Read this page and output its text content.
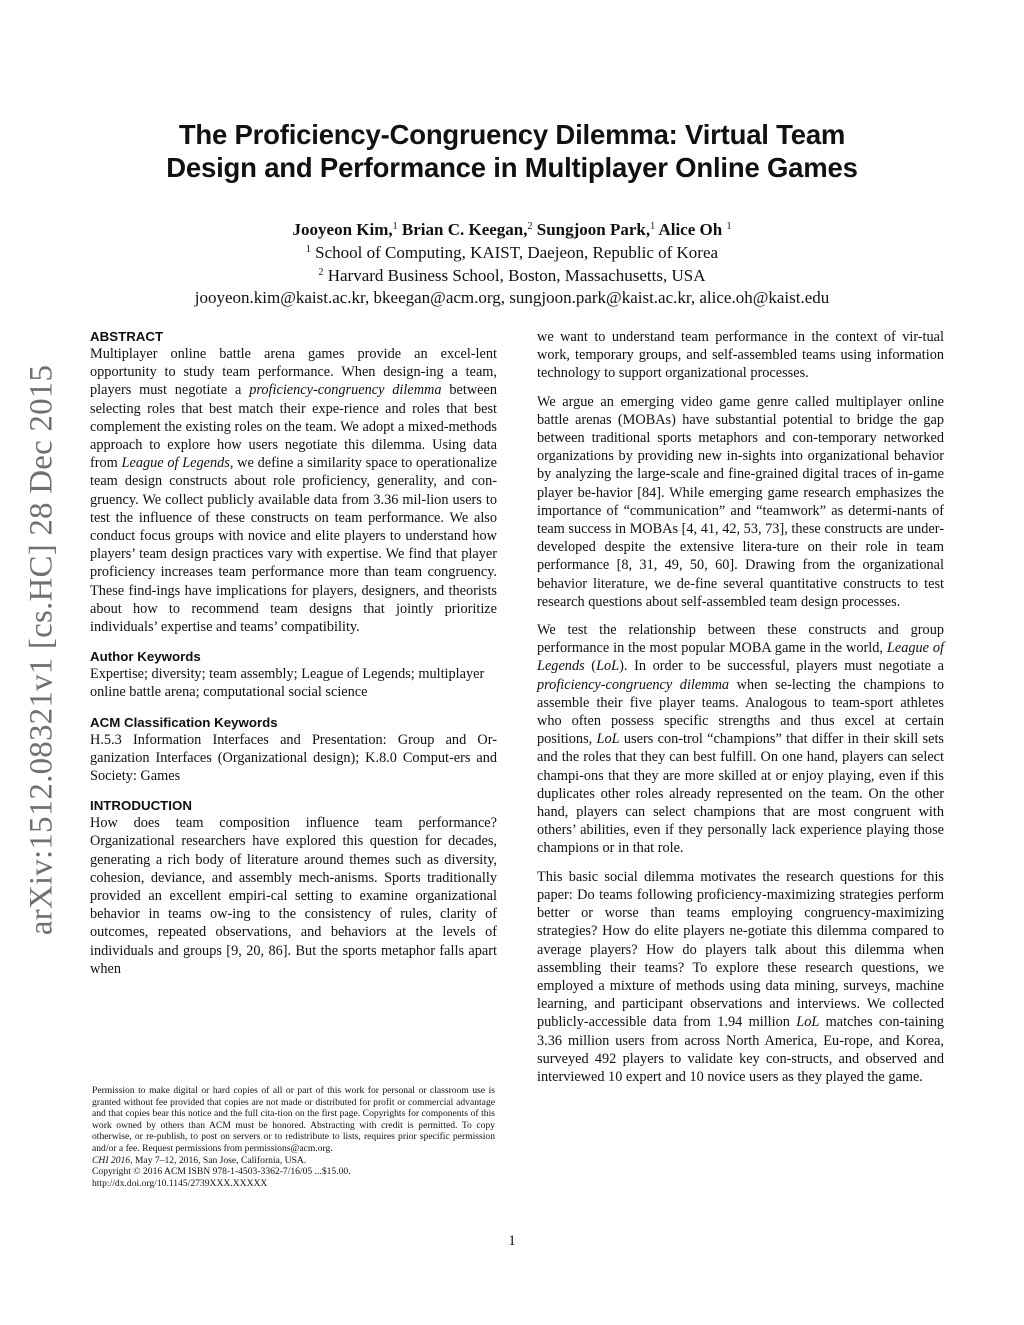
The Proficiency-Congruency Dilemma: Virtual Team
Design and Performance in Multiplayer Online Games
Jooyeon Kim,$^1$ Brian C. Keegan,$^2$ Sungjoon Park,$^1$ Alice Oh $^1$
$^1$ School of Computing, KAIST, Daejeon, Republic of Korea
$^2$ Harvard Business School, Boston, Massachusetts, USA
jooyeon.kim@kaist.ac.kr, bkeegan@acm.org, sungjoon.park@kaist.ac.kr, alice.oh@kaist.edu
arXiv:1512.08321v1 [cs.HC] 28 Dec 2015
ABSTRACT

Multiplayer online battle arena games provide an excel-lent opportunity to study team performance. When design-ing a team, players must negotiate a proficiency-congruency dilemma between selecting roles that best match their expe-rience and roles that best complement the existing roles on the team. We adopt a mixed-methods approach to explore how users negotiate this dilemma. Using data from League of Legends, we define a similarity space to operationalize team design constructs about role proficiency, generality, and con-gruency. We collect publicly available data from 3.36 mil-lion users to test the influence of these constructs on team performance. We also conduct focus groups with novice and elite players to understand how players’ team design practices vary with expertise. We find that player proficiency increases team performance more than team congruency. These find-ings have implications for players, designers, and theorists about how to recommend team designs that jointly prioritize individuals’ expertise and teams’ compatibility.

Author Keywords

Expertise; diversity; team assembly; League of Legends; multiplayer online battle arena; computational social science

ACM Classification Keywords

H.5.3 Information Interfaces and Presentation: Group and Or-ganization Interfaces (Organizational design); K.8.0 Comput-ers and Society: Games

INTRODUCTION

How does team composition influence team performance? Organizational researchers have explored this question for decades, generating a rich body of literature around themes such as diversity, cohesion, deviance, and assembly mech-anisms. Sports traditionally provided an excellent empiri-cal setting to examine organizational behavior in teams ow-ing to the consistency of rules, clarity of outcomes, repeated observations, and behaviors at the levels of individuals and groups [9, 20, 86]. But the sports metaphor falls apart when

Permission to make digital or hard copies of all or part of this work for personal or classroom use is granted without fee provided that copies are not made or distributed for profit or commercial advantage and that copies bear this notice and the full cita-tion on the first page. Copyrights for components of this work owned by others than ACM must be honored. Abstracting with credit is permitted. To copy otherwise, or re-publish, to post on servers or to redistribute to lists, requires prior specific permission and/or a fee. Request permissions from permissions@acm.org.

CHI 2016, May 7–12, 2016, San Jose, California, USA.

Copyright © 2016 ACM ISBN 978-1-4503-3362-7/16/05 ...$15.00.

http://dx.doi.org/10.1145/2739XXX.XXXXX

we want to understand team performance in the context of vir-tual work, temporary groups, and self-assembled teams using information technology to support organizational processes.

We argue an emerging video game genre called multiplayer online battle arenas (MOBAs) have substantial potential to bridge the gap between traditional sports metaphors and con-temporary networked organizations by providing new in-sights into organizational behavior by analyzing the large-scale and fine-grained digital traces of in-game player be-havior [84]. While emerging game research emphasizes the importance of “communication” and “teamwork” as determi-nants of team success in MOBAs [4, 41, 42, 53, 73], these constructs are under-developed despite the extensive litera-ture on their role in team performance [8, 31, 49, 50, 60]. Drawing from the organizational behavior literature, we de-fine several quantitative constructs to test research questions about self-assembled team design processes.

We test the relationship between these constructs and group performance in the most popular MOBA game in the world, League of Legends (LoL). In order to be successful, players must negotiate a proficiency-congruency dilemma when se-lecting the champions to assemble their five player teams. Analogous to team-sport athletes who often possess specific strengths and thus excel at certain positions, LoL users con-trol “champions” that differ in their skill sets and the roles that they can best fulfill. On one hand, players can select champi-ons that they are more skilled at or enjoy playing, even if this duplicates other roles already represented on the team. On the other hand, players can select champions that are most congruent with others’ abilities, even if they personally lack experience playing those champions or in that role.

This basic social dilemma motivates the research questions for this paper: Do teams following proficiency-maximizing strategies perform better or worse than teams employing congruency-maximizing strategies? How do elite players ne-gotiate this dilemma compared to average players? How do players talk about this dilemma when assembling their teams? To explore these research questions, we employed a mixture of methods using data mining, surveys, machine learning, and participant observations and interviews. We collected publicly-accessible data from 1.94 million LoL matches con-taining 3.36 million users from across North America, Eu-rope, and Korea, surveyed 492 players to validate key con-structs, and observed and interviewed 10 expert and 10 novice users as they played the game.

1
